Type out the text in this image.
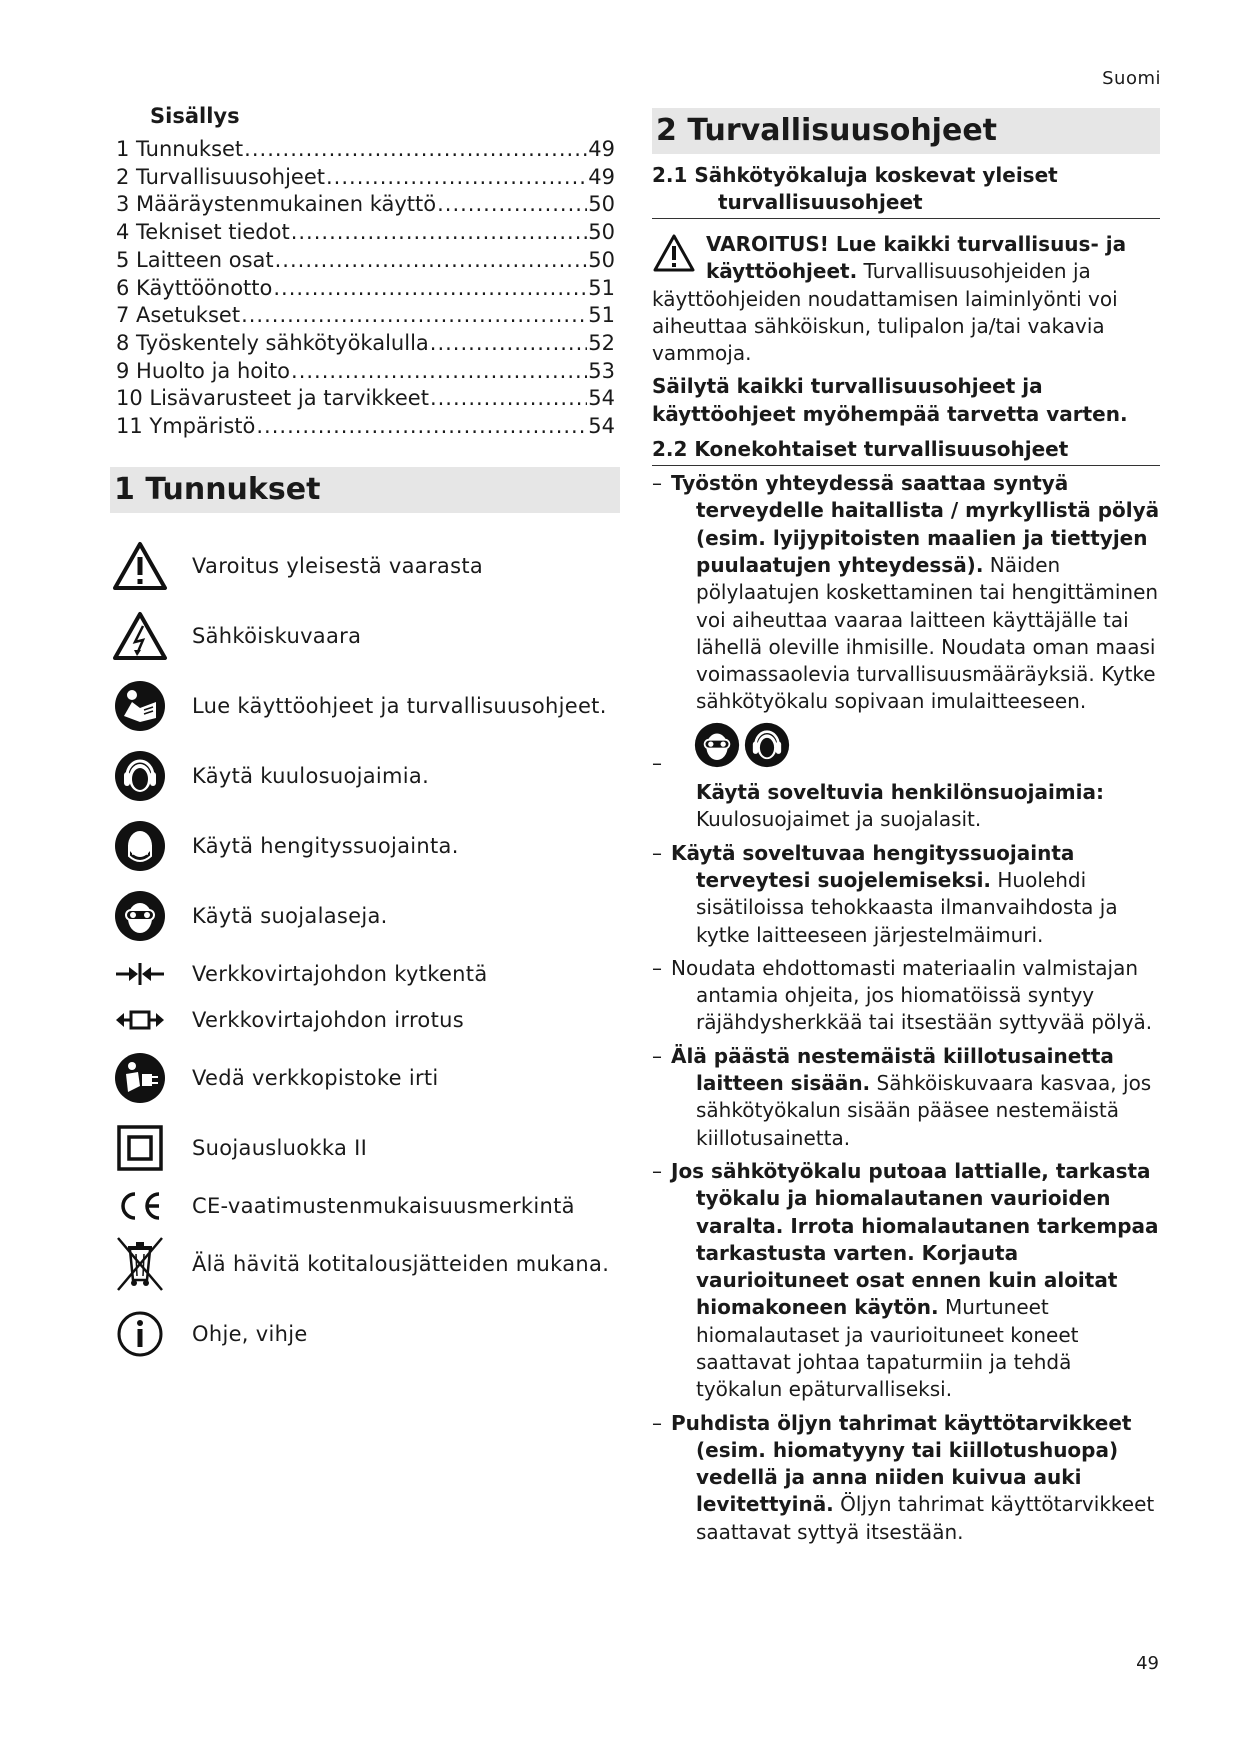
Suomi
Sisällys
1 Tunnukset .....	49
2 Turvallisuusohjeet .....	49
3 Määräystenmukainen käyttö .....	50
4 Tekniset tiedot .....	50
5 Laitteen osat .....	50
6 Käyttöönotto .....	51
7 Asetukset .....	51
8 Työskentely sähkötyökalulla .....	52
9 Huolto ja hoito .....	53
10 Lisävarusteet ja tarvikkeet .....	54
11 Ympäristö .....	54
1 Tunnukset
Varoitus yleisestä vaarasta
Sähköiskuvaara
Lue käyttöohjeet ja turvallisuusohjeet.
Käytä kuulosuojaimia.
Käytä hengityssuojainta.
Käytä suojalaseja.
Verkkovirtajohdon kytkentä
Verkkovirtajohdon irrotus
Vedä verkkopistoke irti
Suojausluokka II
CE-vaatimustenmukaisuusmerkintä
Älä hävitä kotitalousjätteiden mukana.
Ohje, vihje
2 Turvallisuusohjeet
2.1 Sähkötyökaluja koskevat yleiset
turvallisuusohjeet
VAROITUS! Lue kaikki turvallisuus- ja käyttöohjeet. Turvallisuusohjeiden ja käyttöohjeiden noudattamisen laiminlyönti voi aiheuttaa sähköiskun, tulipalon ja/tai vakavia vammoja.

Säilytä kaikki turvallisuusohjeet ja käyttöohjeet myöhempää tarvetta varten.

2.2 Konekohtaiset turvallisuusohjeet
– Työstön yhteydessä saattaa syntyä terveydelle haitallista / myrkyllistä pölyä (esim. lyijypitoisten maalien ja tiettyjen puulaatujen yhteydessä). Näiden pölylaatujen koskettaminen tai hengittäminen voi aiheuttaa vaaraa laitteen käyttäjälle tai lähellä oleville ihmisille. Noudata oman maasi voimassaolevia turvallisuusmääräyksiä. Kytke sähkötyökalu sopivaan imulaitteeseen.
–
Käytä soveltuvia henkilönsuojaimia: Kuulosuojaimet ja suojalasit.
– Käytä soveltuvaa hengityssuojainta terveytesi suojelemiseksi. Huolehdi sisätiloissa tehokkaasta ilmanvaihdosta ja kytke laitteeseen järjestelmäimuri.
– Noudata ehdottomasti materiaalin valmistajan antamia ohjeita, jos hiomatöissä syntyy räjähdysherkkää tai itsestään syttyvää pölyä.
– Älä päästä nestemäistä kiillotusainetta laitteen sisään. Sähköiskuvaara kasvaa, jos sähkötyökalun sisään pääsee nestemäistä kiillotusainetta.
– Jos sähkötyökalu putoaa lattialle, tarkasta työkalu ja hiomalautanen vaurioiden varalta. Irrota hiomalautanen tarkempaa tarkastusta varten. Korjauta vaurioituneet osat ennen kuin aloitat hiomakoneen käytön. Murtuneet hiomalautaset ja vaurioituneet koneet saattavat johtaa tapaturmiin ja tehdä työkalun epäturvalliseksi.
– Puhdista öljyn tahrimat käyttötarvikkeet (esim. hiomatyyny tai kiillotushuopa) vedellä ja anna niiden kuivua auki levitettyinä. Öljyn tahrimat käyttötarvikkeet saattavat syttyä itsestään.
49
